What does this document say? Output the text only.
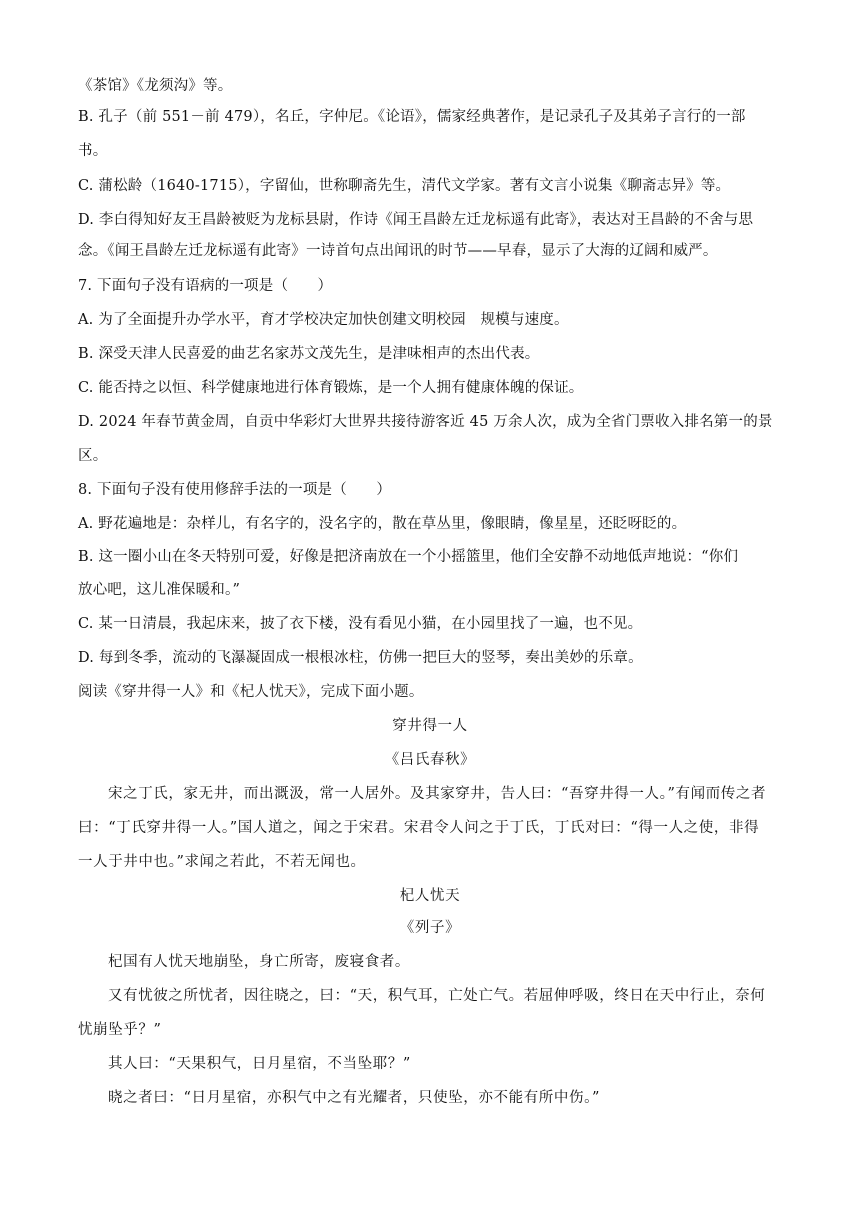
《茶馆》《龙须沟》等。
B. 孔子（前 551－前 479），名丘，字仲尼。《论语》，儒家经典著作，是记录孔子及其弟子言行的一部
书。
C. 蒲松龄（1640-1715），字留仙，世称聊斋先生，清代文学家。著有文言小说集《聊斋志异》等。
D. 李白得知好友王昌龄被贬为龙标县尉，作诗《闻王昌龄左迁龙标遥有此寄》，表达对王昌龄的不舍与思
念。《闻王昌龄左迁龙标遥有此寄》一诗首句点出闻讯的时节——早春，显示了大海的辽阔和威严。
7. 下面句子没有语病的一项是（　　）
A. 为了全面提升办学水平，育才学校决定加快创建文明校园　规模与速度。
B. 深受天津人民喜爱的曲艺名家苏文茂先生，是津味相声的杰出代表。
C. 能否持之以恒、科学健康地进行体育锻炼，是一个人拥有健康体魄的保证。
D. 2024 年春节黄金周，自贡中华彩灯大世界共接待游客近 45 万余人次，成为全省门票收入排名第一的景
区。
8. 下面句子没有使用修辞手法的一项是（　　）
A. 野花遍地是：杂样儿，有名字的，没名字的，散在草丛里，像眼睛，像星星，还眨呀眨的。
B. 这一圈小山在冬天特别可爱，好像是把济南放在一个小摇篮里，他们全安静不动地低声地说：“你们
放心吧，这儿准保暖和。”
C. 某一日清晨，我起床来，披了衣下楼，没有看见小猫，在小园里找了一遍，也不见。
D. 每到冬季，流动的飞瀑凝固成一根根冰柱，仿佛一把巨大的竖琴，奏出美妙的乐章。
阅读《穿井得一人》和《杞人忧天》，完成下面小题。
穿井得一人
《吕氏春秋》
宋之丁氏，家无井，而出溉汲，常一人居外。及其家穿井，告人曰：“吾穿井得一人。”有闻而传之者
曰：“丁氏穿井得一人。”国人道之，闻之于宋君。宋君令人问之于丁氏，丁氏对曰：“得一人之使，非得
一人于井中也。”求闻之若此，不若无闻也。
杞人忧天
《列子》
杞国有人忧天地崩坠，身亡所寄，废寝食者。
又有忧彼之所忧者，因往晓之，曰：“天，积气耳，亡处亡气。若屈伸呼吸，终日在天中行止，奈何
忧崩坠乎？”
其人曰：“天果积气，日月星宿，不当坠耶？”
晓之者曰：“日月星宿，亦积气中之有光耀者，只使坠，亦不能有所中伤。”
